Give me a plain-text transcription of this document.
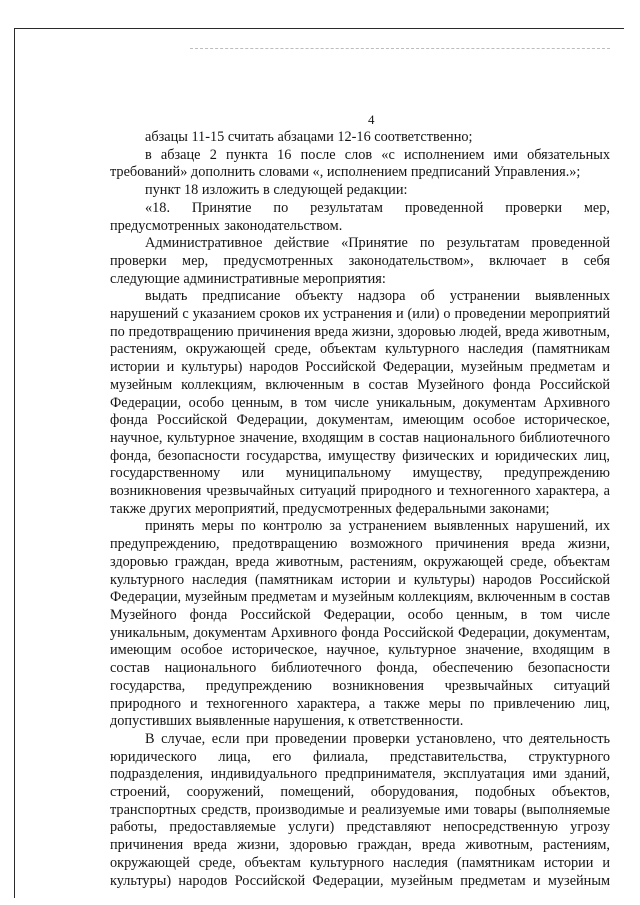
4

абзацы 11-15 считать абзацами 12-16 соответственно;

в абзаце 2 пункта 16 после слов «с исполнением ими обязательных требований» дополнить словами «, исполнением предписаний Управления.»;

пункт 18 изложить в следующей редакции:

«18. Принятие по результатам проведенной проверки мер, предусмотренных законодательством.

Административное действие «Принятие по результатам проведенной проверки мер, предусмотренных законодательством», включает в себя следующие административные мероприятия:

выдать предписание объекту надзора об устранении выявленных нарушений с указанием сроков их устранения и (или) о проведении мероприятий по предотвращению причинения вреда жизни, здоровью людей, вреда животным, растениям, окружающей среде, объектам культурного наследия (памятникам истории и культуры) народов Российской Федерации, музейным предметам и музейным коллекциям, включенным в состав Музейного фонда Российской Федерации, особо ценным, в том числе уникальным, документам Архивного фонда Российской Федерации, документам, имеющим особое историческое, научное, культурное значение, входящим в состав национального библиотечного фонда, безопасности государства, имуществу физических и юридических лиц, государственному или муниципальному имуществу, предупреждению возникновения чрезвычайных ситуаций природного и техногенного характера, а также других мероприятий, предусмотренных федеральными законами;

принять меры по контролю за устранением выявленных нарушений, их предупреждению, предотвращению возможного причинения вреда жизни, здоровью граждан, вреда животным, растениям, окружающей среде, объектам культурного наследия (памятникам истории и культуры) народов Российской Федерации, музейным предметам и музейным коллекциям, включенным в состав Музейного фонда Российской Федерации, особо ценным, в том числе уникальным, документам Архивного фонда Российской Федерации, документам, имеющим особое историческое, научное, культурное значение, входящим в состав национального библиотечного фонда, обеспечению безопасности государства, предупреждению возникновения чрезвычайных ситуаций природного и техногенного характера, а также меры по привлечению лиц, допустивших выявленные нарушения, к ответственности.

В случае, если при проведении проверки установлено, что деятельность юридического лица, его филиала, представительства, структурного подразделения, индивидуального предпринимателя, эксплуатация ими зданий, строений, сооружений, помещений, оборудования, подобных объектов, транспортных средств, производимые и реализуемые ими товары (выполняемые работы, предоставляемые услуги) представляют непосредственную угрозу причинения вреда жизни, здоровью граждан, вреда животным, растениям, окружающей среде, объектам культурного наследия (памятникам истории и культуры) народов Российской Федерации, музейным предметам и музейным
